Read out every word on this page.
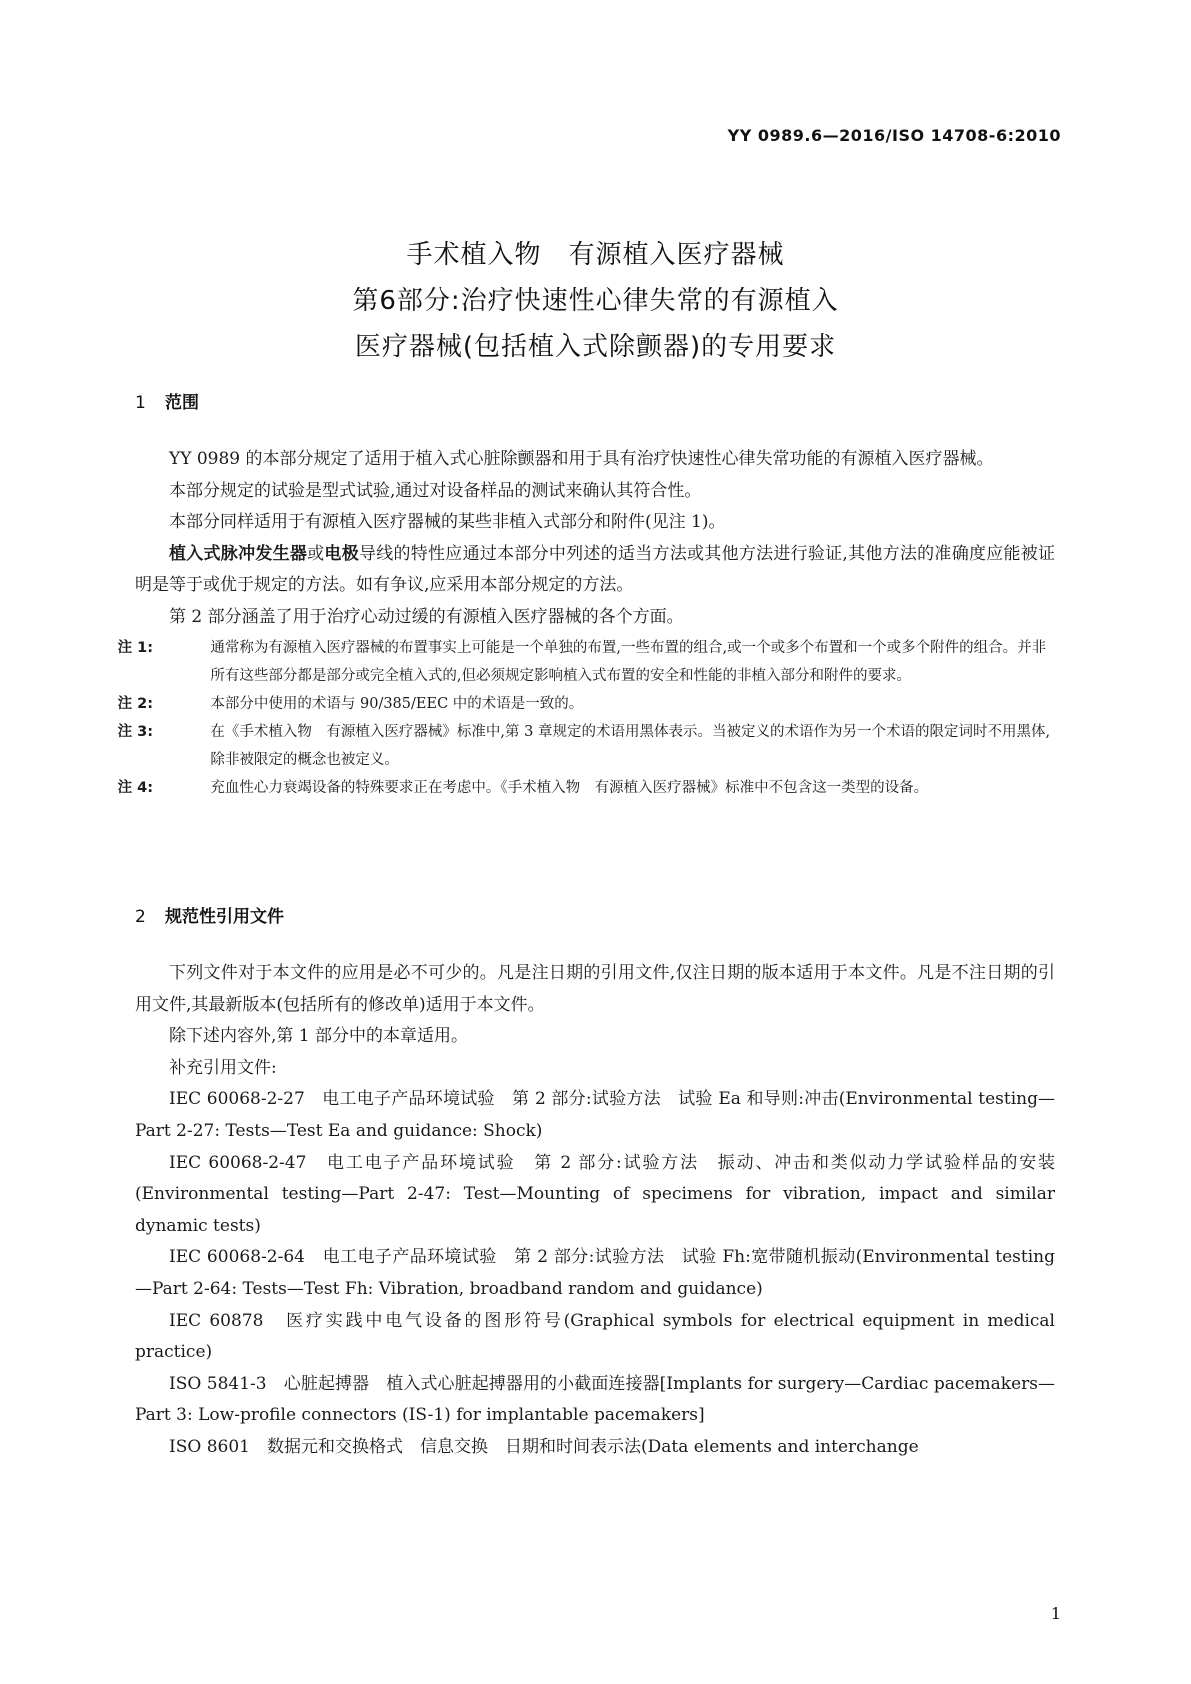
YY 0989.6—2016/ISO 14708-6:2010
手术植入物　有源植入医疗器械
第6部分:治疗快速性心律失常的有源植入
医疗器械(包括植入式除颤器)的专用要求
1 范围

YY 0989 的本部分规定了适用于植入式心脏除颤器和用于具有治疗快速性心律失常功能的有源植入医疗器械。

本部分规定的试验是型式试验,通过对设备样品的测试来确认其符合性。

本部分同样适用于有源植入医疗器械的某些非植入式部分和附件(见注 1)。

植入式脉冲发生器或电极导线的特性应通过本部分中列述的适当方法或其他方法进行验证,其他方法的准确度应能被证明是等于或优于规定的方法。如有争议,应采用本部分规定的方法。

第 2 部分涵盖了用于治疗心动过缓的有源植入医疗器械的各个方面。

注 1:	通常称为有源植入医疗器械的布置事实上可能是一个单独的布置,一些布置的组合,或一个或多个布置和一个或多个附件的组合。并非所有这些部分都是部分或完全植入式的,但必须规定影响植入式布置的安全和性能的非植入部分和附件的要求。

注 2:	本部分中使用的术语与 90/385/EEC 中的术语是一致的。

注 3:	在《手术植入物　有源植入医疗器械》标准中,第 3 章规定的术语用黑体表示。当被定义的术语作为另一个术语的限定词时不用黑体,除非被限定的概念也被定义。

注 4:	充血性心力衰竭设备的特殊要求正在考虑中。《手术植入物　有源植入医疗器械》标准中不包含这一类型的设备。

2 规范性引用文件

下列文件对于本文件的应用是必不可少的。凡是注日期的引用文件,仅注日期的版本适用于本文件。凡是不注日期的引用文件,其最新版本(包括所有的修改单)适用于本文件。

除下述内容外,第 1 部分中的本章适用。

补充引用文件:

IEC 60068-2-27　电工电子产品环境试验　第 2 部分:试验方法　试验 Ea 和导则:冲击(Environmental testing—Part 2-27: Tests—Test Ea and guidance: Shock)

IEC 60068-2-47　电工电子产品环境试验　第 2 部分:试验方法　振动、冲击和类似动力学试验样品的安装(Environmental testing—Part 2-47: Test—Mounting of specimens for vibration, impact and similar dynamic tests)

IEC 60068-2-64　电工电子产品环境试验　第 2 部分:试验方法　试验 Fh:宽带随机振动(Environmental testing—Part 2-64: Tests—Test Fh: Vibration, broadband random and guidance)

IEC 60878　医疗实践中电气设备的图形符号(Graphical symbols for electrical equipment in medical practice)

ISO 5841-3　心脏起搏器　植入式心脏起搏器用的小截面连接器[Implants for surgery—Cardiac pacemakers—Part 3: Low-profile connectors (IS-1) for implantable pacemakers]

ISO 8601　数据元和交换格式　信息交换　日期和时间表示法(Data elements and interchange

1
